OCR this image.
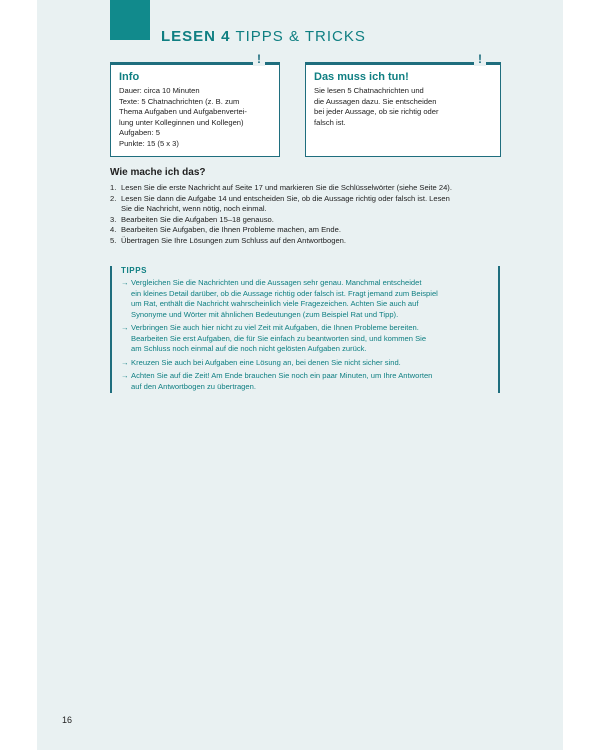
LESEN 4 TIPPS & TRICKS
!
Info
Dauer: circa 10 Minuten
Texte: 5 Chatnachrichten (z. B. zum
Thema Aufgaben und Aufgabenvertei-
lung unter Kolleginnen und Kollegen)
Aufgaben: 5
Punkte: 15 (5 x 3)
!
Das muss ich tun!
Sie lesen 5 Chatnachrichten und
die Aussagen dazu. Sie entscheiden
bei jeder Aussage, ob sie richtig oder
falsch ist.
Wie mache ich das?
1. Lesen Sie die erste Nachricht auf Seite 17 und markieren Sie die Schlüsselwörter (siehe Seite 24).
2. Lesen Sie dann die Aufgabe 14 und entscheiden Sie, ob die Aussage richtig oder falsch ist. Lesen
Sie die Nachricht, wenn nötig, noch einmal.
3. Bearbeiten Sie die Aufgaben 15–18 genauso.
4. Bearbeiten Sie Aufgaben, die Ihnen Probleme machen, am Ende.
5. Übertragen Sie Ihre Lösungen zum Schluss auf den Antwortbogen.
TIPPS
→ Vergleichen Sie die Nachrichten und die Aussagen sehr genau. Manchmal entscheidet
ein kleines Detail darüber, ob die Aussage richtig oder falsch ist. Fragt jemand zum Beispiel
um Rat, enthält die Nachricht wahrscheinlich viele Fragezeichen. Achten Sie auch auf
Synonyme und Wörter mit ähnlichen Bedeutungen (zum Beispiel Rat und Tipp).
→ Verbringen Sie auch hier nicht zu viel Zeit mit Aufgaben, die Ihnen Probleme bereiten.
Bearbeiten Sie erst Aufgaben, die für Sie einfach zu beantworten sind, und kommen Sie
am Schluss noch einmal auf die noch nicht gelösten Aufgaben zurück.
→ Kreuzen Sie auch bei Aufgaben eine Lösung an, bei denen Sie nicht sicher sind.
→ Achten Sie auf die Zeit! Am Ende brauchen Sie noch ein paar Minuten, um Ihre Antworten
auf den Antwortbogen zu übertragen.
16
